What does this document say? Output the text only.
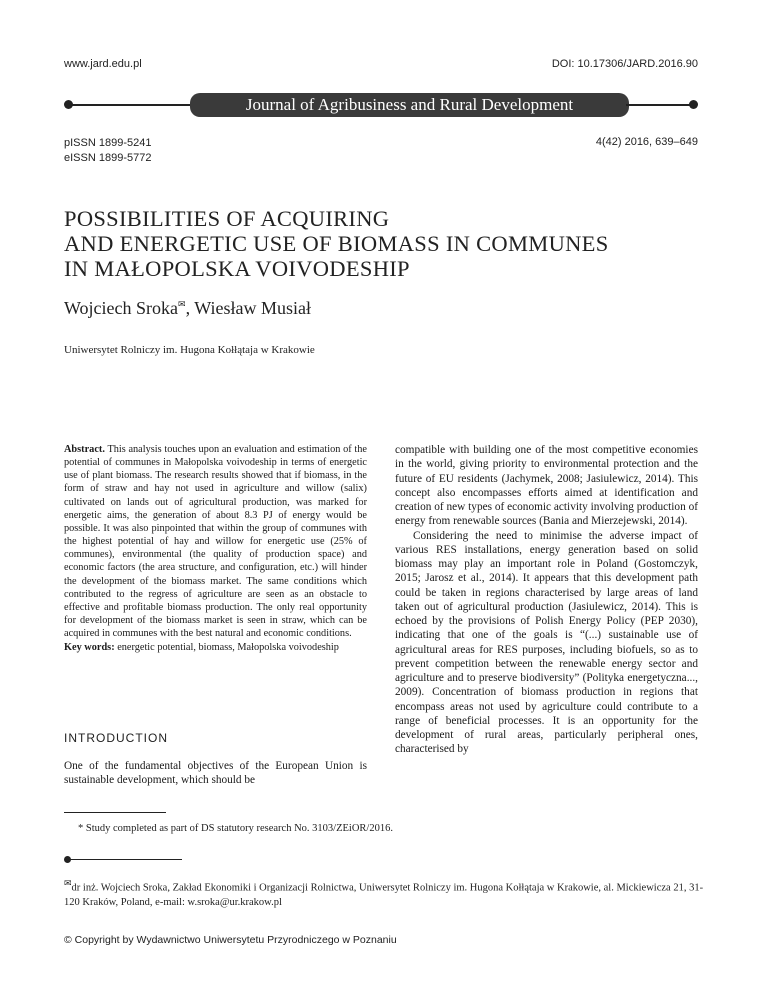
www.jard.edu.pl	DOI: 10.17306/JARD.2016.90
Journal of Agribusiness and Rural Development
pISSN 1899-5241
eISSN 1899-5772
4(42) 2016, 639–649
POSSIBILITIES OF ACQUIRING
AND ENERGETIC USE OF BIOMASS IN COMMUNES
IN MAŁOPOLSKA VOIVODESHIP
Wojciech Sroka✉, Wiesław Musiał
Uniwersytet Rolniczy im. Hugona Kołłątaja w Krakowie

Abstract. This analysis touches upon an evaluation and estimation of the potential of communes in Małopolska voivodeship in terms of energetic use of plant biomass. The research results showed that if biomass, in the form of straw and hay not used in agriculture and willow (salix) cultivated on lands out of agricultural production, was marked for energetic aims, the generation of about 8.3 PJ of energy would be possible. It was also pinpointed that within the group of communes with the highest potential of hay and willow for energetic use (25% of communes), environmental (the quality of production space) and economic factors (the area structure, and configuration, etc.) will hinder the development of the biomass market. The same conditions which contributed to the regress of agriculture are seen as an obstacle to effective and profitable biomass production. The only real opportunity for development of the biomass market is seen in straw, which can be acquired in communes with the best natural and economic conditions.

Key words: energetic potential, biomass, Małopolska voivodeship

INTRODUCTION

One of the fundamental objectives of the European Union is sustainable development, which should be

compatible with building one of the most competitive economies in the world, giving priority to environmental protection and the future of EU residents (Jachymek, 2008; Jasiulewicz, 2014). This concept also encompasses efforts aimed at identification and creation of new types of economic activity involving production of energy from renewable sources (Bania and Mierzejewski, 2014).

Considering the need to minimise the adverse impact of various RES installations, energy generation based on solid biomass may play an important role in Poland (Gostomczyk, 2015; Jarosz et al., 2014). It appears that this development path could be taken in regions characterised by large areas of land taken out of agricultural production (Jasiulewicz, 2014). This is echoed by the provisions of Polish Energy Policy (PEP 2030), indicating that one of the goals is “(...) sustainable use of agricultural areas for RES purposes, including biofuels, so as to prevent competition between the renewable energy sector and agriculture and to preserve biodiversity” (Polityka energetyczna..., 2009). Concentration of biomass production in regions that encompass areas not used by agriculture could contribute to a range of beneficial processes. It is an opportunity for the development of rural areas, particularly peripheral ones, characterised by

* Study completed as part of DS statutory research No. 3103/ZEiOR/2016.
✉dr inż. Wojciech Sroka, Zakład Ekonomiki i Organizacji Rolnictwa, Uniwersytet Rolniczy im. Hugona Kołłątaja w Krakowie, al. Mickiewicza 21, 31-120 Kraków, Poland, e-mail: w.sroka@ur.krakow.pl
© Copyright by Wydawnictwo Uniwersytetu Przyrodniczego w Poznaniu
